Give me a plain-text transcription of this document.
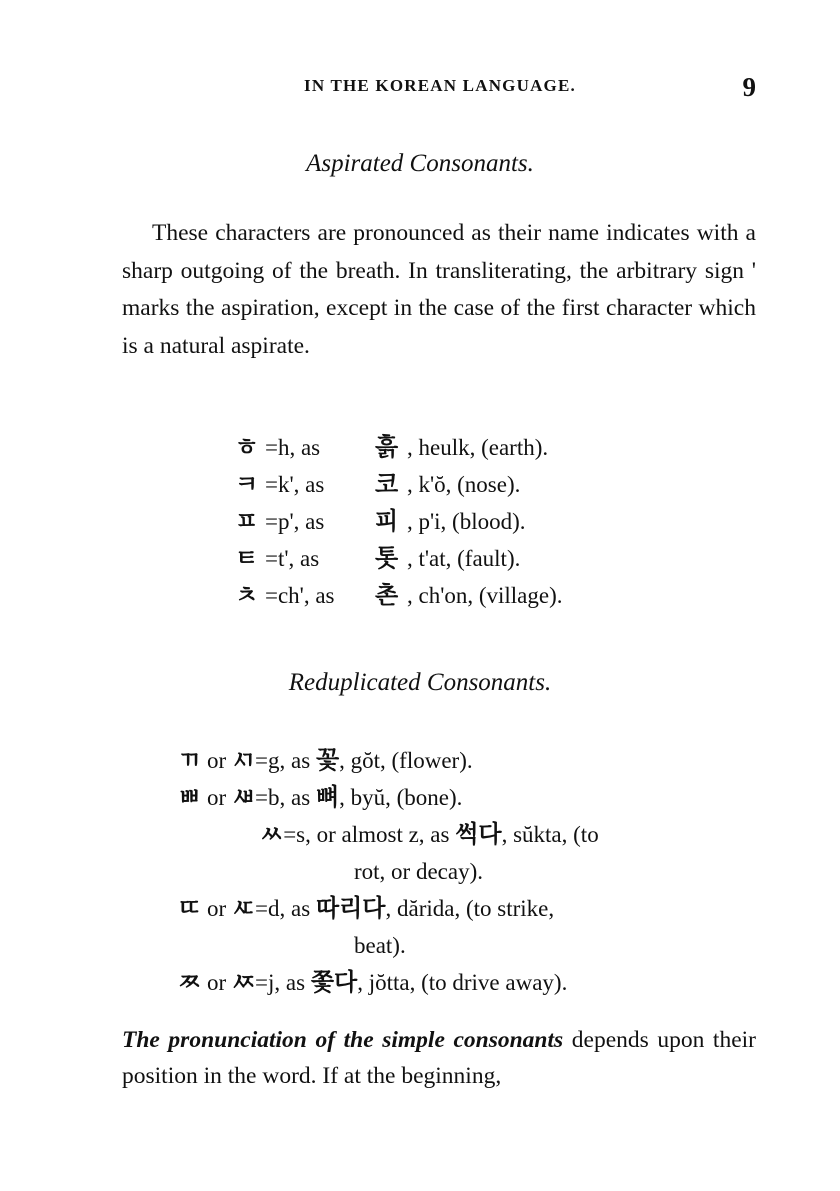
IN THE KOREAN LANGUAGE.	9
Aspirated Consonants.

These characters are pronounced as their name indicates with a sharp outgoing of the breath. In transliterating, the arbitrary sign ' marks the aspiration, except in the case of the first character which is a natural aspirate.

ㅎ =h, as	흙 , heulk, (earth).
ㅋ =k', as	코 , k'ŏ, (nose).
ㅍ =p', as	피 , p'i, (blood).
ㅌ =t', as	톳 , t'at, (fault).
ㅊ =ch', as	촌 , ch'on, (village).
Reduplicated Consonants.
ㄲ or ㅺ=g, as 꽃, gŏt, (flower).
ㅃ or ㅽ=b, as 뼈, byŭ, (bone).
ㅆ=s, or almost z, as 썩다, sŭkta, (to
rot, or decay).
ㄸ or ㅼ=d, as 따리다, dărida, (to strike,
beat).
ㅉ or ㅾ=j, as 쫓다, jŏtta, (to drive away).

The pronunciation of the simple consonants depends upon their position in the word. If at the beginning,
